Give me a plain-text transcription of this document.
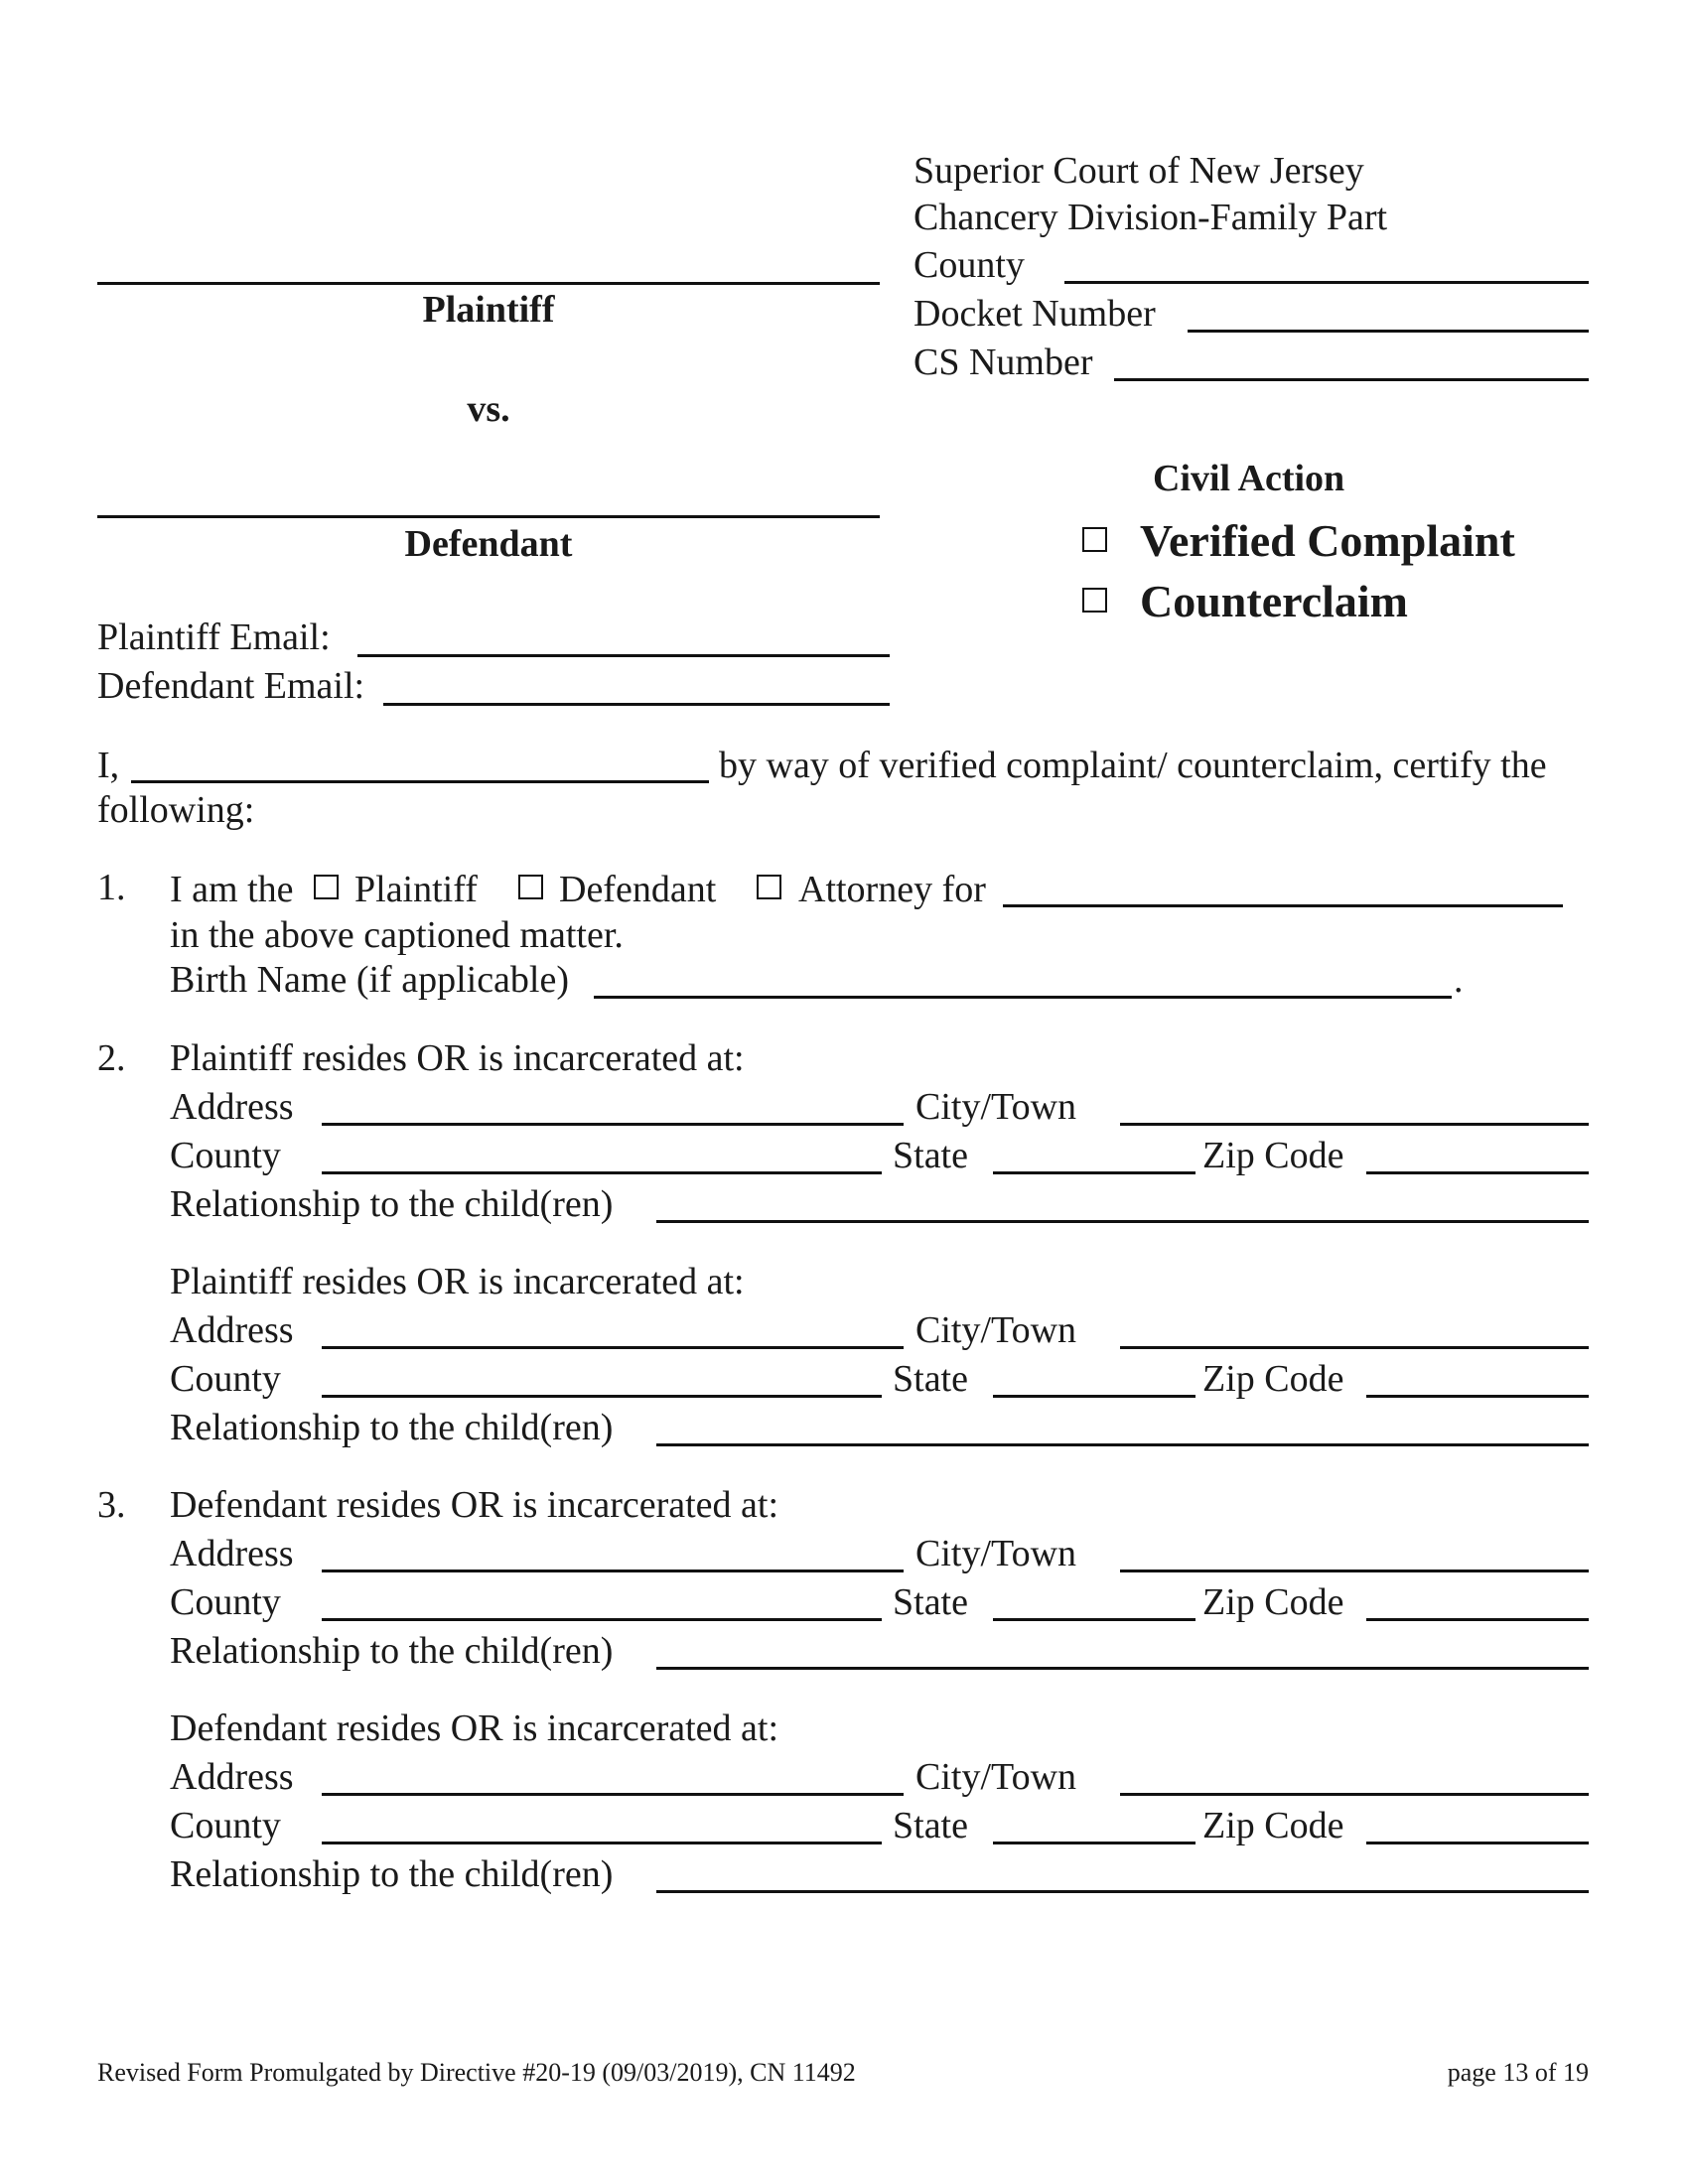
Superior Court of New Jersey
Chancery Division-Family Part
County
Docket Number
CS Number
Plaintiff
vs.
Defendant
Civil Action
Verified Complaint
Counterclaim
Plaintiff Email:
Defendant Email:
I,	by way of verified complaint/ counterclaim, certify the
following:
1. I am the Plaintiff Defendant Attorney for
in the above captioned matter.
Birth Name (if applicable)	.
2. Plaintiff resides OR is incarcerated at:
Address	City/Town
County	State	Zip Code
Relationship to the child(ren)
Plaintiff resides OR is incarcerated at:
Address	City/Town
County	State	Zip Code
Relationship to the child(ren)
3. Defendant resides OR is incarcerated at:
Address	City/Town
County	State	Zip Code
Relationship to the child(ren)
Defendant resides OR is incarcerated at:
Address	City/Town
County	State	Zip Code
Relationship to the child(ren)
Revised Form Promulgated by Directive #20-19 (09/03/2019), CN 11492	page 13 of 19
